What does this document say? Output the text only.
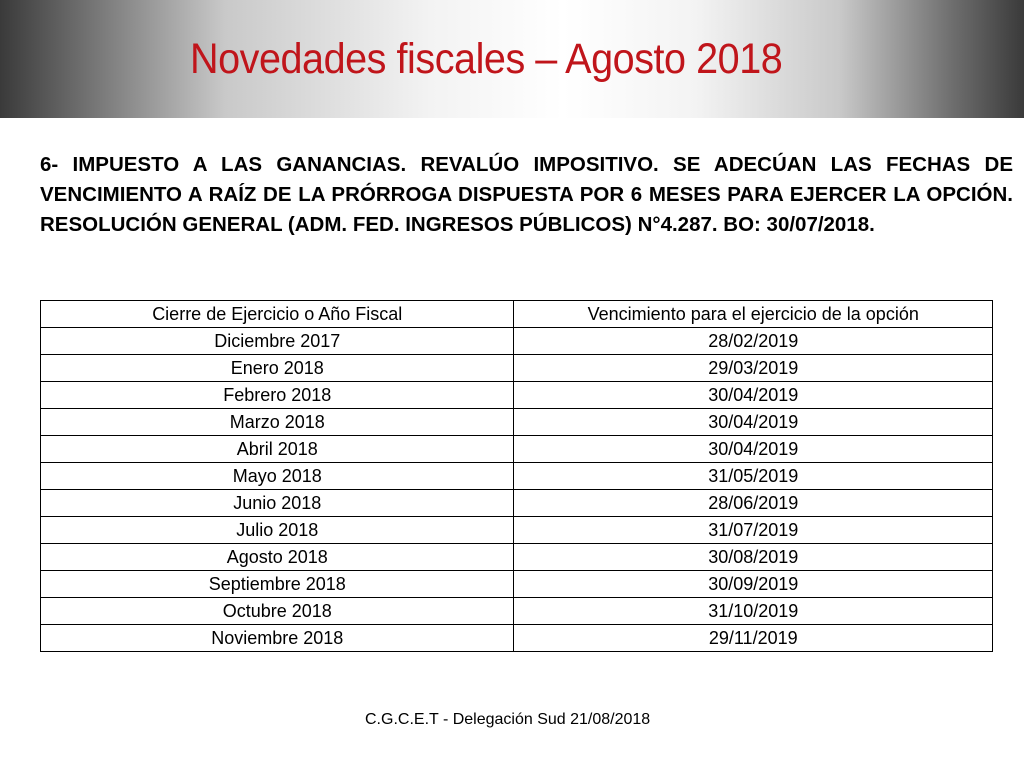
Novedades fiscales – Agosto 2018

6- IMPUESTO A LAS GANANCIAS. REVALÚO IMPOSITIVO. SE ADECÚAN LAS FECHAS DE VENCIMIENTO A RAÍZ DE LA PRÓRROGA DISPUESTA POR 6 MESES PARA EJERCER LA OPCIÓN. RESOLUCIÓN GENERAL (ADM. FED. INGRESOS PÚBLICOS) N°4.287. BO: 30/07/2018.

Cierre de Ejercicio o Año Fiscal	Vencimiento para el ejercicio de la opción
Diciembre 2017	28/02/2019
Enero 2018	29/03/2019
Febrero 2018	30/04/2019
Marzo 2018	30/04/2019
Abril 2018	30/04/2019
Mayo 2018	31/05/2019
Junio 2018	28/06/2019
Julio 2018	31/07/2019
Agosto 2018	30/08/2019
Septiembre 2018	30/09/2019
Octubre 2018	31/10/2019
Noviembre 2018	29/11/2019

C.G.C.E.T - Delegación Sud 21/08/2018
